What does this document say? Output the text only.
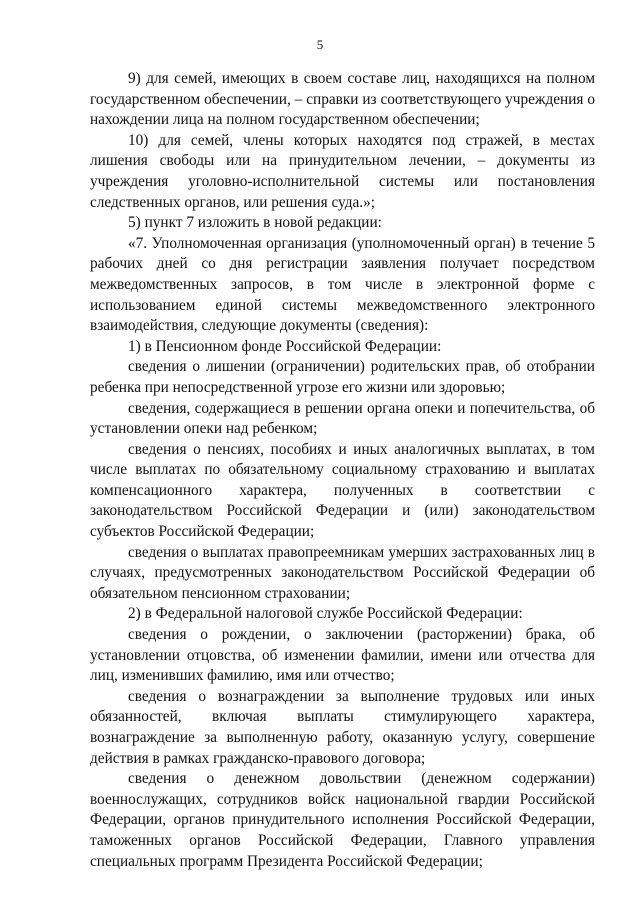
5

9) для семей, имеющих в своем составе лиц, находящихся на полном государственном обеспечении, – справки из соответствующего учреждения о нахождении лица на полном государственном обеспечении;

10) для семей, члены которых находятся под стражей, в местах лишения свободы или на принудительном лечении, – документы из учреждения уголовно-исполнительной системы или постановления следственных органов, или решения суда.»;

5) пункт 7 изложить в новой редакции:

«7. Уполномоченная организация (уполномоченный орган) в течение 5 рабочих дней со дня регистрации заявления получает посредством межведомственных запросов, в том числе в электронной форме с использованием единой системы межведомственного электронного взаимодействия, следующие документы (сведения):

1) в Пенсионном фонде Российской Федерации:

сведения о лишении (ограничении) родительских прав, об отобрании ребенка при непосредственной угрозе его жизни или здоровью;

сведения, содержащиеся в решении органа опеки и попечительства, об установлении опеки над ребенком;

сведения о пенсиях, пособиях и иных аналогичных выплатах, в том числе выплатах по обязательному социальному страхованию и выплатах компенсационного характера, полученных в соответствии с законодательством Российской Федерации и (или) законодательством субъектов Российской Федерации;

сведения о выплатах правопреемникам умерших застрахованных лиц в случаях, предусмотренных законодательством Российской Федерации об обязательном пенсионном страховании;

2) в Федеральной налоговой службе Российской Федерации:

сведения о рождении, о заключении (расторжении) брака, об установлении отцовства, об изменении фамилии, имени или отчества для лиц, изменивших фамилию, имя или отчество;

сведения о вознаграждении за выполнение трудовых или иных обязанностей, включая выплаты стимулирующего характера, вознаграждение за выполненную работу, оказанную услугу, совершение действия в рамках гражданско-правового договора;

сведения о денежном довольствии (денежном содержании) военнослужащих, сотрудников войск национальной гвардии Российской Федерации, органов принудительного исполнения Российской Федерации, таможенных органов Российской Федерации, Главного управления специальных программ Президента Российской Федерации;
